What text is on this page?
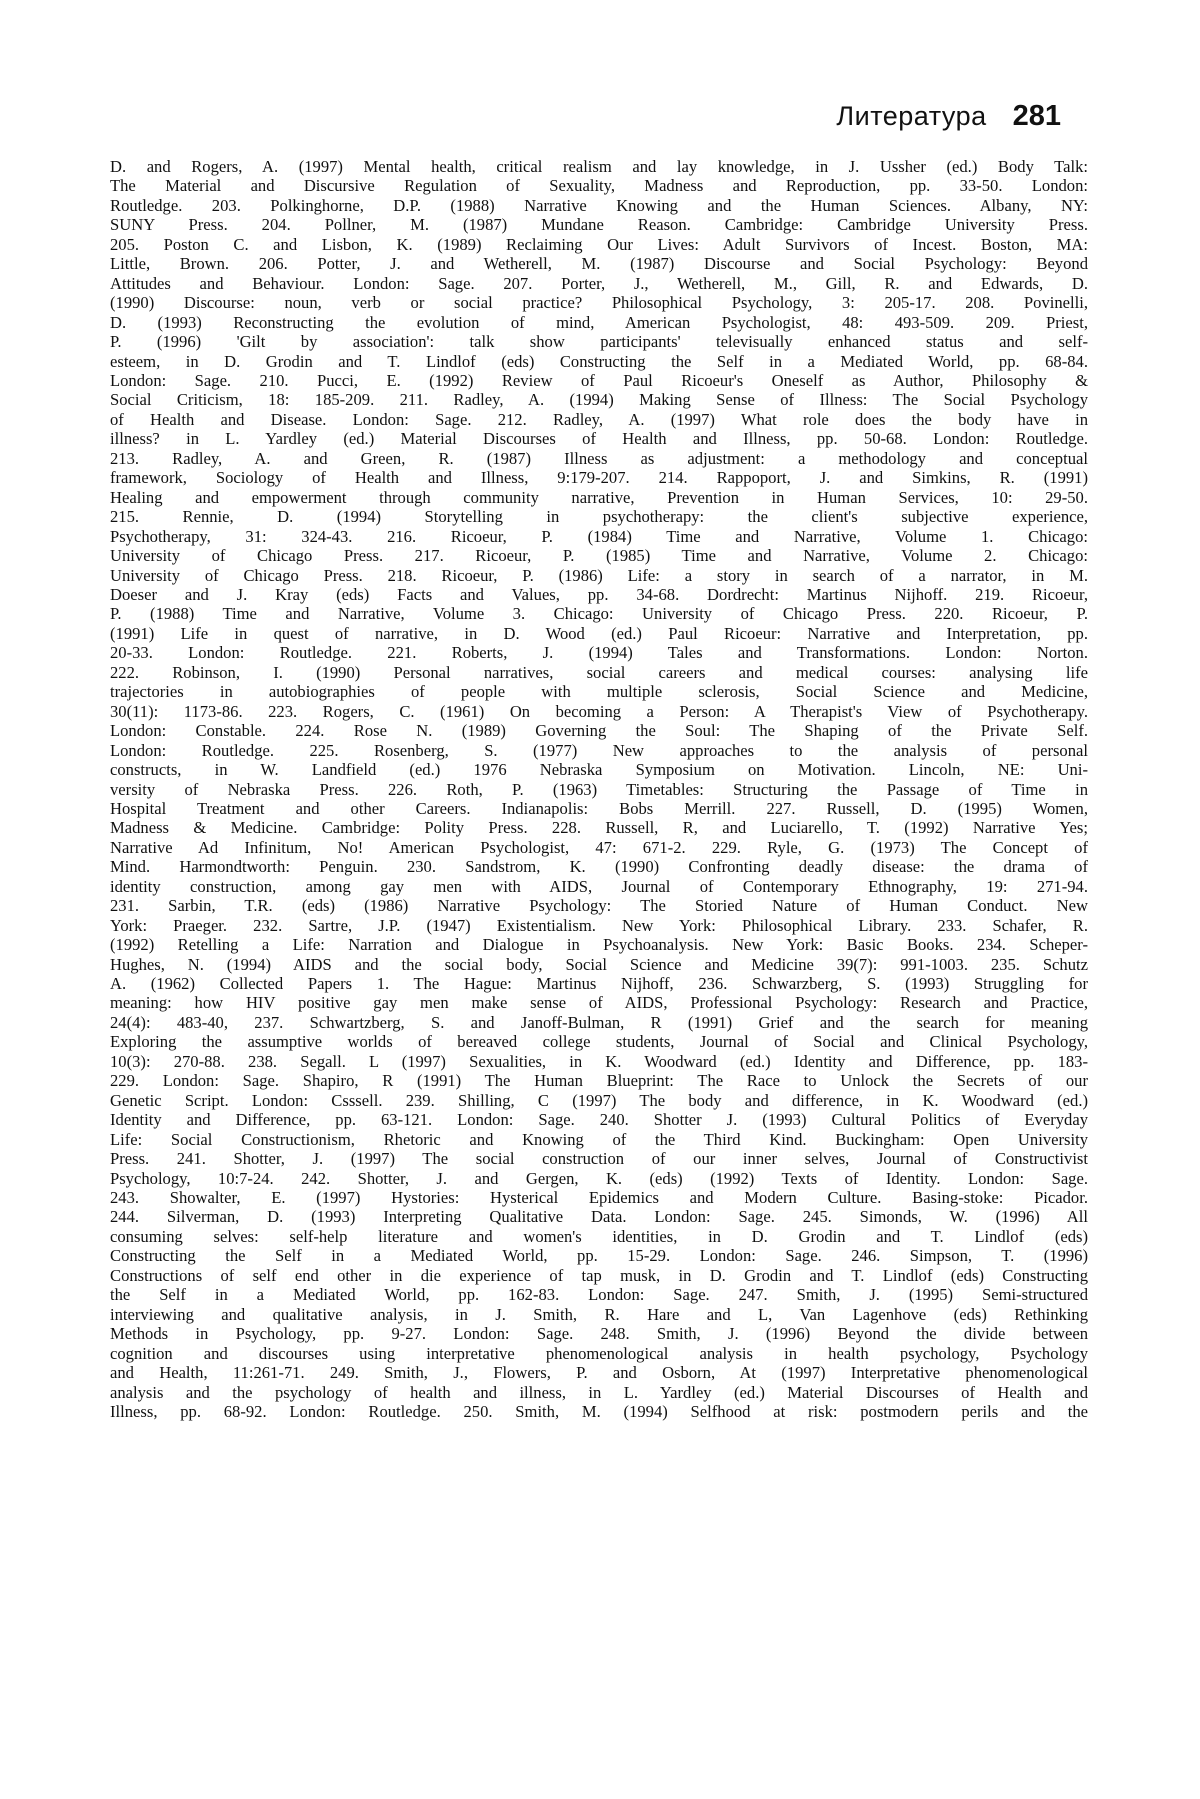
Литература 281
D. and Rogers, A. (1997) Mental health, critical realism and lay knowledge, in J. Ussher (ed.) Body Talk:
The Material and Discursive Regulation of Sexuality, Madness and Reproduction, pp. 33-50. London:
Routledge. 203. Polkinghorne, D.P. (1988) Narrative Knowing and the Human Sciences. Albany, NY:
SUNY Press. 204. Pollner, M. (1987) Mundane Reason. Cambridge: Cambridge University Press.
205. Poston C. and Lisbon, K. (1989) Reclaiming Our Lives: Adult Survivors of Incest. Boston, MA:
Little, Brown. 206. Potter, J. and Wetherell, M. (1987) Discourse and Social Psychology: Beyond
Attitudes and Behaviour. London: Sage. 207. Porter, J., Wetherell, M., Gill, R. and Edwards, D.
(1990) Discourse: noun, verb or social practice? Philosophical Psychology, 3: 205-17. 208. Povinelli,
D. (1993) Reconstructing the evolution of mind, American Psychologist, 48: 493-509. 209. Priest,
P. (1996) 'Gilt by association': talk show participants' televisually enhanced status and self-
esteem, in D. Grodin and T. Lindlof (eds) Constructing the Self in a Mediated World, pp. 68-84.
London: Sage. 210. Pucci, E. (1992) Review of Paul Ricoeur's Oneself as Author, Philosophy &
Social Criticism, 18: 185-209. 211. Radley, A. (1994) Making Sense of Illness: The Social Psychology
of Health and Disease. London: Sage. 212. Radley, A. (1997) What role does the body have in
illness? in L. Yardley (ed.) Material Discourses of Health and Illness, pp. 50-68. London: Routledge.
213. Radley, A. and Green, R. (1987) Illness as adjustment: a methodology and conceptual
framework, Sociology of Health and Illness, 9:179-207. 214. Rappoport, J. and Simkins, R. (1991)
Healing and empowerment through community narrative, Prevention in Human Services, 10: 29-50.
215. Rennie, D. (1994) Storytelling in psychotherapy: the client's subjective experience,
Psychotherapy, 31: 324-43. 216. Ricoeur, P. (1984) Time and Narrative, Volume 1. Chicago:
University of Chicago Press. 217. Ricoeur, P. (1985) Time and Narrative, Volume 2. Chicago:
University of Chicago Press. 218. Ricoeur, P. (1986) Life: a story in search of a narrator, in M.
Doeser and J. Kray (eds) Facts and Values, pp. 34-68. Dordrecht: Martinus Nijhoff. 219. Ricoeur,
P. (1988) Time and Narrative, Volume 3. Chicago: University of Chicago Press. 220. Ricoeur, P.
(1991) Life in quest of narrative, in D. Wood (ed.) Paul Ricoeur: Narrative and Interpretation, pp.
20-33. London: Routledge. 221. Roberts, J. (1994) Tales and Transformations. London: Norton.
222. Robinson, I. (1990) Personal narratives, social careers and medical courses: analysing life
trajectories in autobiographies of people with multiple sclerosis, Social Science and Medicine,
30(11): 1173-86. 223. Rogers, C. (1961) On becoming a Person: A Therapist's View of Psychotherapy.
London: Constable. 224. Rose N. (1989) Governing the Soul: The Shaping of the Private Self.
London: Routledge. 225. Rosenberg, S. (1977) New approaches to the analysis of personal
constructs, in W. Landfield (ed.) 1976 Nebraska Symposium on Motivation. Lincoln, NE: Uni-
versity of Nebraska Press. 226. Roth, P. (1963) Timetables: Structuring the Passage of Time in
Hospital Treatment and other Careers. Indianapolis: Bobs Merrill. 227. Russell, D. (1995) Women,
Madness & Medicine. Cambridge: Polity Press. 228. Russell, R, and Luciarello, T. (1992) Narrative Yes;
Narrative Ad Infinitum, No! American Psychologist, 47: 671-2. 229. Ryle, G. (1973) The Concept of
Mind. Harmondtworth: Penguin. 230. Sandstrom, K. (1990) Confronting deadly disease: the drama of
identity construction, among gay men with AIDS, Journal of Contemporary Ethnography, 19: 271-94.
231. Sarbin, T.R. (eds) (1986) Narrative Psychology: The Storied Nature of Human Conduct. New
York: Praeger. 232. Sartre, J.P. (1947) Existentialism. New York: Philosophical Library. 233. Schafer, R.
(1992) Retelling a Life: Narration and Dialogue in Psychoanalysis. New York: Basic Books. 234. Scheper-
Hughes, N. (1994) AIDS and the social body, Social Science and Medicine 39(7): 991-1003. 235. Schutz
A. (1962) Collected Papers 1. The Hague: Martinus Nijhoff, 236. Schwarzberg, S. (1993) Struggling for
meaning: how HIV positive gay men make sense of AIDS, Professional Psychology: Research and Practice,
24(4): 483-40, 237. Schwartzberg, S. and Janoff-Bulman, R (1991) Grief and the search for meaning
Exploring the assumptive worlds of bereaved college students, Journal of Social and Clinical Psychology,
10(3): 270-88. 238. Segall. L (1997) Sexualities, in K. Woodward (ed.) Identity and Difference, pp. 183-
229. London: Sage. Shapiro, R (1991) The Human Blueprint: The Race to Unlock the Secrets of our
Genetic Script. London: Csssell. 239. Shilling, C (1997) The body and difference, in K. Woodward (ed.)
Identity and Difference, pp. 63-121. London: Sage. 240. Shotter J. (1993) Cultural Politics of Everyday
Life: Social Constructionism, Rhetoric and Knowing of the Third Kind. Buckingham: Open University
Press. 241. Shotter, J. (1997) The social construction of our inner selves, Journal of Constructivist
Psychology, 10:7-24. 242. Shotter, J. and Gergen, K. (eds) (1992) Texts of Identity. London: Sage.
243. Showalter, E. (1997) Hystories: Hysterical Epidemics and Modern Culture. Basing-stoke: Picador.
244. Silverman, D. (1993) Interpreting Qualitative Data. London: Sage. 245. Simonds, W. (1996) All
consuming selves: self-help literature and women's identities, in D. Grodin and T. Lindlof (eds)
Constructing the Self in a Mediated World, pp. 15-29. London: Sage. 246. Simpson, T. (1996)
Constructions of self end other in die experience of tap musk, in D. Grodin and T. Lindlof (eds) Constructing
the Self in a Mediated World, pp. 162-83. London: Sage. 247. Smith, J. (1995) Semi-structured
interviewing and qualitative analysis, in J. Smith, R. Hare and L, Van Lagenhove (eds) Rethinking
Methods in Psychology, pp. 9-27. London: Sage. 248. Smith, J. (1996) Beyond the divide between
cognition and discourses using interpretative phenomenological analysis in health psychology, Psychology
and Health, 11:261-71. 249. Smith, J., Flowers, P. and Osborn, At (1997) Interpretative phenomenological
analysis and the psychology of health and illness, in L. Yardley (ed.) Material Discourses of Health and
Illness, pp. 68-92. London: Routledge. 250. Smith, M. (1994) Selfhood at risk: postmodern perils and the
